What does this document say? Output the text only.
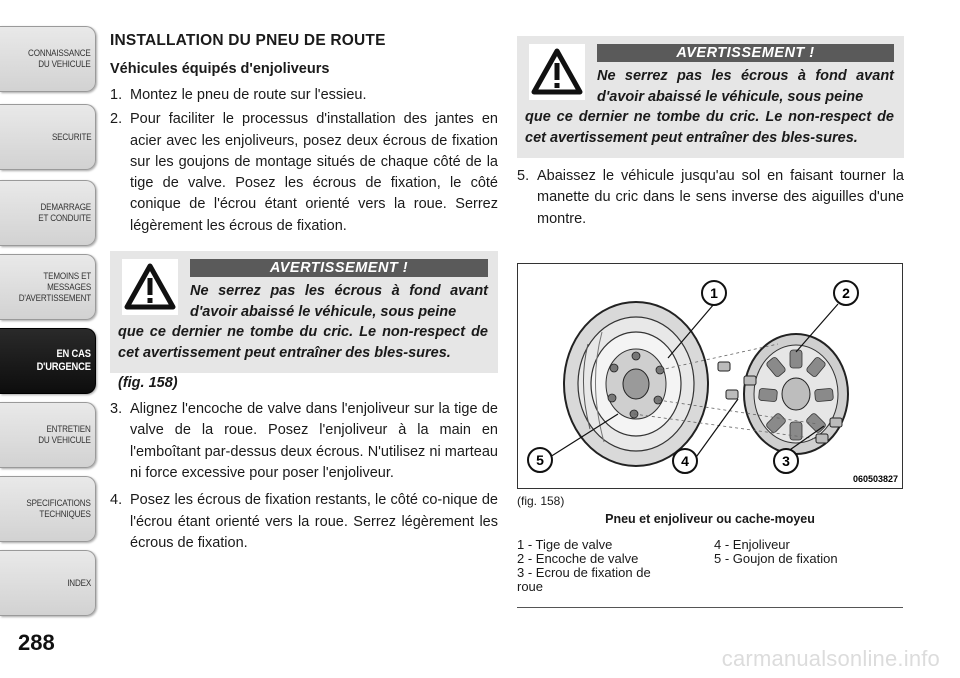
CONNAISSANCE
DU VEHICULE
SECURITE
DEMARRAGE
ET CONDUITE
TEMOINS ET
MESSAGES
D'AVERTISSEMENT
EN CAS
D'URGENCE
ENTRETIEN
DU VEHICULE
SPECIFICATIONS
TECHNIQUES
INDEX
288
INSTALLATION DU PNEU DE ROUTE
Véhicules équipés d'enjoliveurs
1. Montez le pneu de route sur l'essieu.
2. Pour faciliter le processus d'installation des jantes en acier avec les enjoliveurs, posez deux écrous de fixation sur les goujons de montage situés de chaque côté de la tige de valve. Posez les écrous de fixation, le côté conique de l'écrou étant orienté vers la roue. Serrez légèrement les écrous de fixation.
AVERTISSEMENT !

Ne serrez pas les écrous à fond avant d'avoir abaissé le véhicule, sous peine

que ce dernier ne tombe du cric. Le non-respect de cet avertissement peut entraîner des bles-sures.

(fig. 158)
3. Alignez l'encoche de valve dans l'enjoliveur sur la tige de valve de la roue. Posez l'enjoliveur à la main en l'emboîtant par-dessus deux écrous. N'utilisez ni marteau ni force excessive pour poser l'enjoliveur.
4. Posez les écrous de fixation restants, le côté co-nique de l'écrou étant orienté vers la roue. Serrez légèrement les écrous de fixation.
AVERTISSEMENT !

Ne serrez pas les écrous à fond avant d'avoir abaissé le véhicule, sous peine

que ce dernier ne tombe du cric. Le non-respect de cet avertissement peut entraîner des bles-sures.

5. Abaissez le véhicule jusqu'au sol en faisant tourner la manette du cric dans le sens inverse des aiguilles d'une montre.
1	2
3
4
5
060503827
(fig. 158)
Pneu et enjoliveur ou cache-moyeu
1 - Tige de valve
2 - Encoche de valve
3 - Ecrou de fixation de roue
4 - Enjoliveur
5 - Goujon de fixation
carmanualsonline.info
